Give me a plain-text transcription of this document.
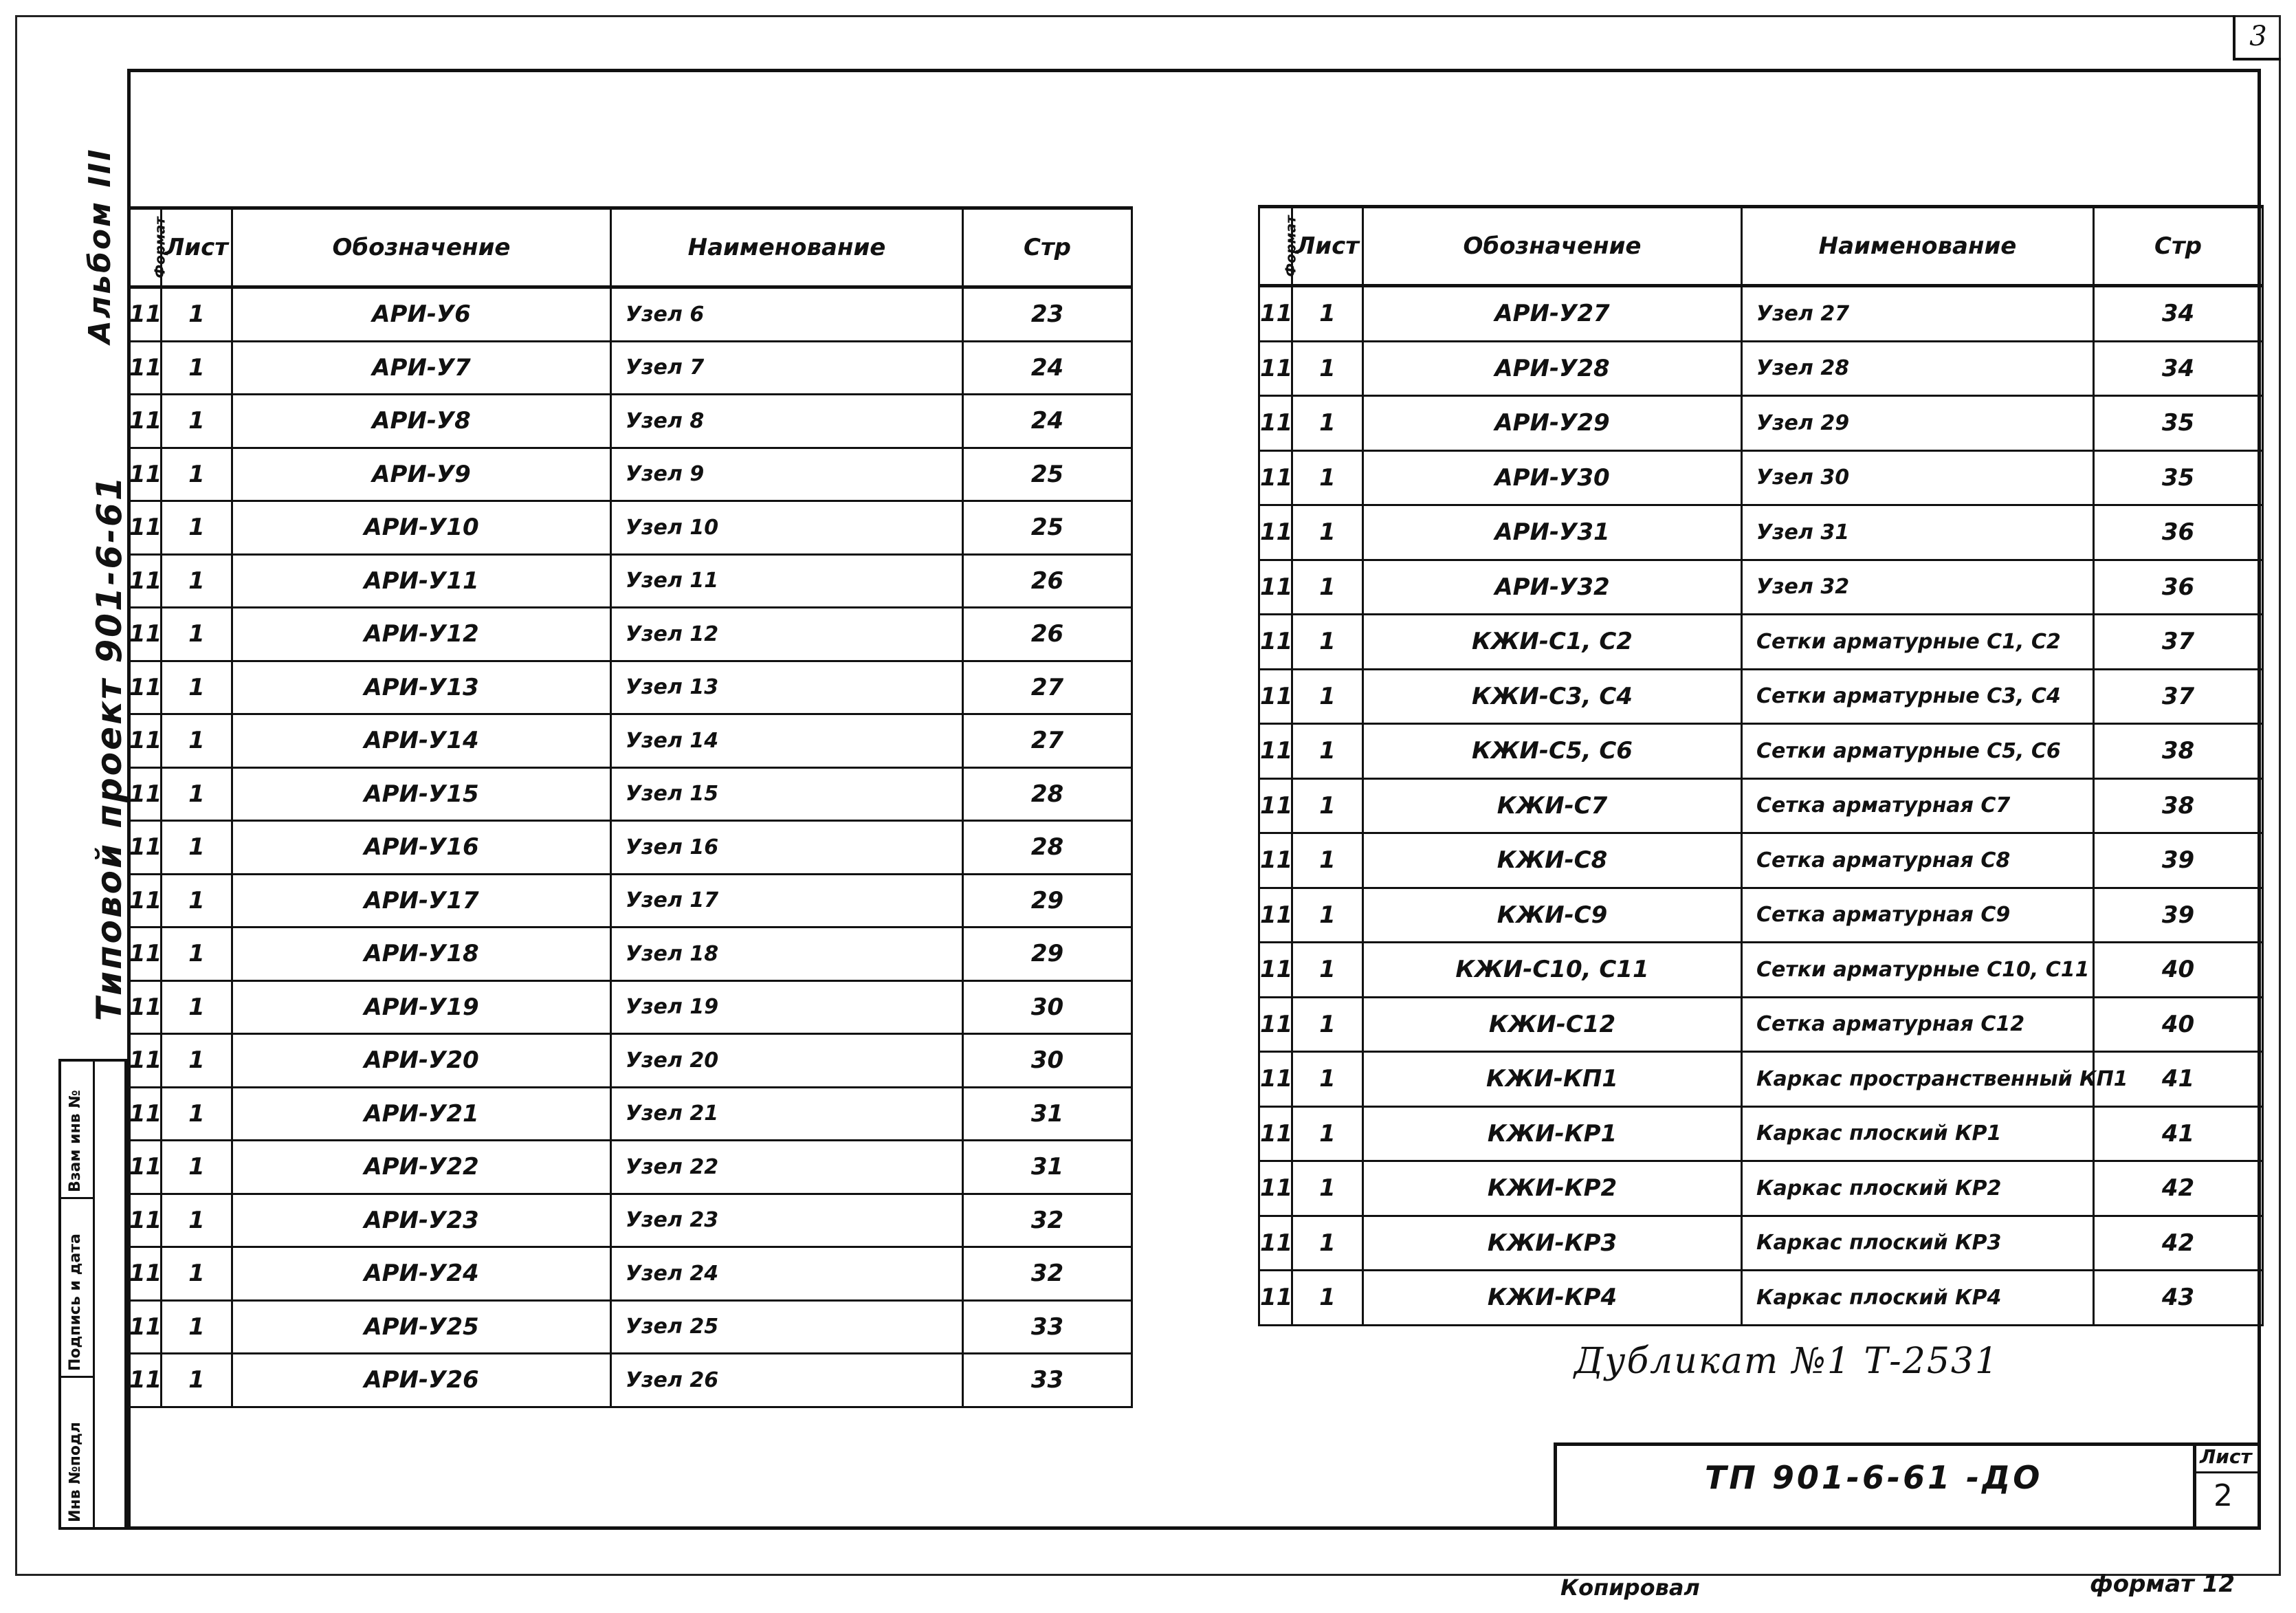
3
Альбом III
Типовой проект 901-6-61
Инв №подл
Подпись и дата
Взам инв №
Формат	Лист	Обозначение	Наименование	Стр
11	1	АРИ-У6	Узел 6	23
11	1	АРИ-У7	Узел 7	24
11	1	АРИ-У8	Узел 8	24
11	1	АРИ-У9	Узел 9	25
11	1	АРИ-У10	Узел 10	25
11	1	АРИ-У11	Узел 11	26
11	1	АРИ-У12	Узел 12	26
11	1	АРИ-У13	Узел 13	27
11	1	АРИ-У14	Узел 14	27
11	1	АРИ-У15	Узел 15	28
11	1	АРИ-У16	Узел 16	28
11	1	АРИ-У17	Узел 17	29
11	1	АРИ-У18	Узел 18	29
11	1	АРИ-У19	Узел 19	30
11	1	АРИ-У20	Узел 20	30
11	1	АРИ-У21	Узел 21	31
11	1	АРИ-У22	Узел 22	31
11	1	АРИ-У23	Узел 23	32
11	1	АРИ-У24	Узел 24	32
11	1	АРИ-У25	Узел 25	33
11	1	АРИ-У26	Узел 26	33
Формат	Лист	Обозначение	Наименование	Стр
11	1	АРИ-У27	Узел 27	34
11	1	АРИ-У28	Узел 28	34
11	1	АРИ-У29	Узел 29	35
11	1	АРИ-У30	Узел 30	35
11	1	АРИ-У31	Узел 31	36
11	1	АРИ-У32	Узел 32	36
11	1	КЖИ-С1, С2	Сетки арматурные С1, С2	37
11	1	КЖИ-С3, С4	Сетки арматурные С3, С4	37
11	1	КЖИ-С5, С6	Сетки арматурные С5, С6	38
11	1	КЖИ-С7	Сетка арматурная С7	38
11	1	КЖИ-С8	Сетка арматурная С8	39
11	1	КЖИ-С9	Сетка арматурная С9	39
11	1	КЖИ-С10, С11	Сетки арматурные С10, С11	40
11	1	КЖИ-С12	Сетка арматурная С12	40
11	1	КЖИ-КП1	Каркас пространственный КП1	41
11	1	КЖИ-КР1	Каркас плоский КР1	41
11	1	КЖИ-КР2	Каркас плоский КР2	42
11	1	КЖИ-КР3	Каркас плоский КР3	42
11	1	КЖИ-КР4	Каркас плоский КР4	43
Дубликат №1 Т-2531
ТП 901-6-61 -ДО
Лист
2
Копировал	формат 12
